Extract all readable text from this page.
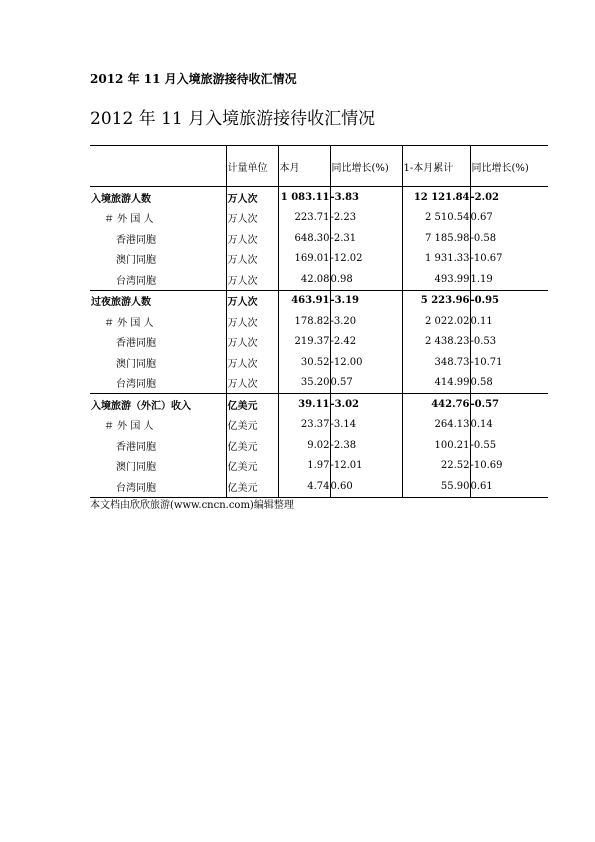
2012 年 11 月入境旅游接待收汇情况
2012 年 11 月入境旅游接待收汇情况
	计量单位	本月	同比增长(%)	1-本月累计	同比增长(%)
入境旅游人数	万人次	1 083.11	-3.83	12 121.84	-2.02
＃ 外 国 人	万人次	223.71	-2.23	2 510.54	0.67
香港同胞	万人次	648.30	-2.31	7 185.98	-0.58
澳门同胞	万人次	169.01	-12.02	1 931.33	-10.67
台湾同胞	万人次	42.08	0.98	493.99	1.19
过夜旅游人数	万人次	463.91	-3.19	5 223.96	-0.95
＃ 外 国 人	万人次	178.82	-3.20	2 022.02	0.11
香港同胞	万人次	219.37	-2.42	2 438.23	-0.53
澳门同胞	万人次	30.52	-12.00	348.73	-10.71
台湾同胞	万人次	35.20	0.57	414.99	0.58
入境旅游（外汇）收入	亿美元	39.11	-3.02	442.76	-0.57
＃ 外 国 人	亿美元	23.37	-3.14	264.13	0.14
香港同胞	亿美元	9.02	-2.38	100.21	-0.55
澳门同胞	亿美元	1.97	-12.01	22.52	-10.69
台湾同胞	亿美元	4.74	0.60	55.90	0.61
本文档由欣欣旅游(www.cncn.com)编辑整理
